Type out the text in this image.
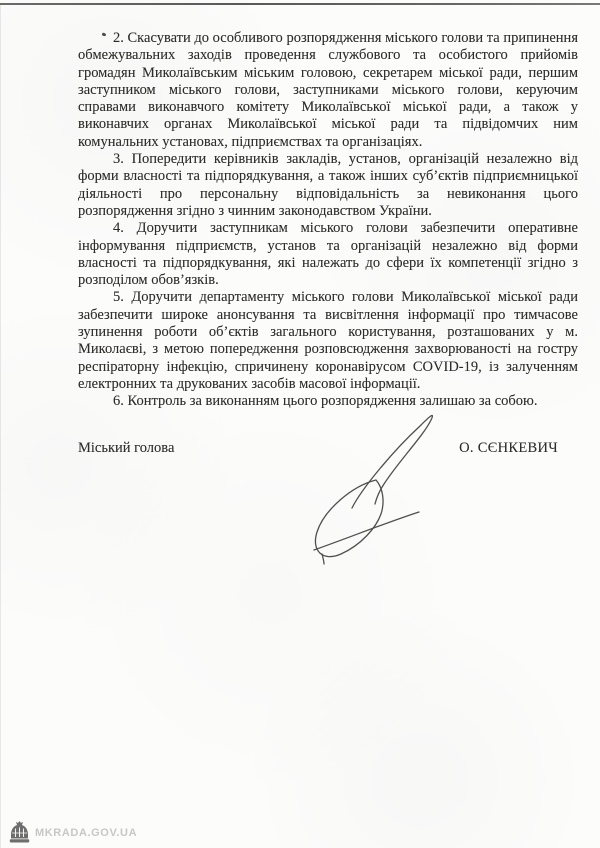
2. Скасувати до особливого розпорядження міського голови та припинення обмежувальних заходів проведення службового та особистого прийомів громадян Миколаївським міським головою, секретарем міської ради, першим заступником міського голови, заступниками міського голови, керуючим справами виконавчого комітету Миколаївської міської ради, а також у виконавчих органах Миколаївської міської ради та підвідомчих ним комунальних установах, підприємствах та організаціях.

3. Попередити керівників закладів, установ, організацій незалежно від форми власності та підпорядкування, а також інших суб’єктів підприємницької діяльності про персональну відповідальність за невиконання цього розпорядження згідно з чинним законодавством України.

4. Доручити заступникам міського голови забезпечити оперативне інформування підприємств, установ та організацій незалежно від форми власності та підпорядкування, які належать до сфери їх компетенції згідно з розподілом обов’язків.

5. Доручити департаменту міського голови Миколаївської міської ради забезпечити широке анонсування та висвітлення інформації про тимчасове зупинення роботи об’єктів загального користування, розташованих у м. Миколаєві, з метою попередження розповсюдження захворюваності на гостру респіраторну інфекцію, спричинену коронавірусом COVID-19, із залученням електронних та друкованих засобів масової інформації.

6. Контроль за виконанням цього розпорядження залишаю за собою.

Міський голова	О. СЄНКЕВИЧ
MKRADA.GOV.UA
